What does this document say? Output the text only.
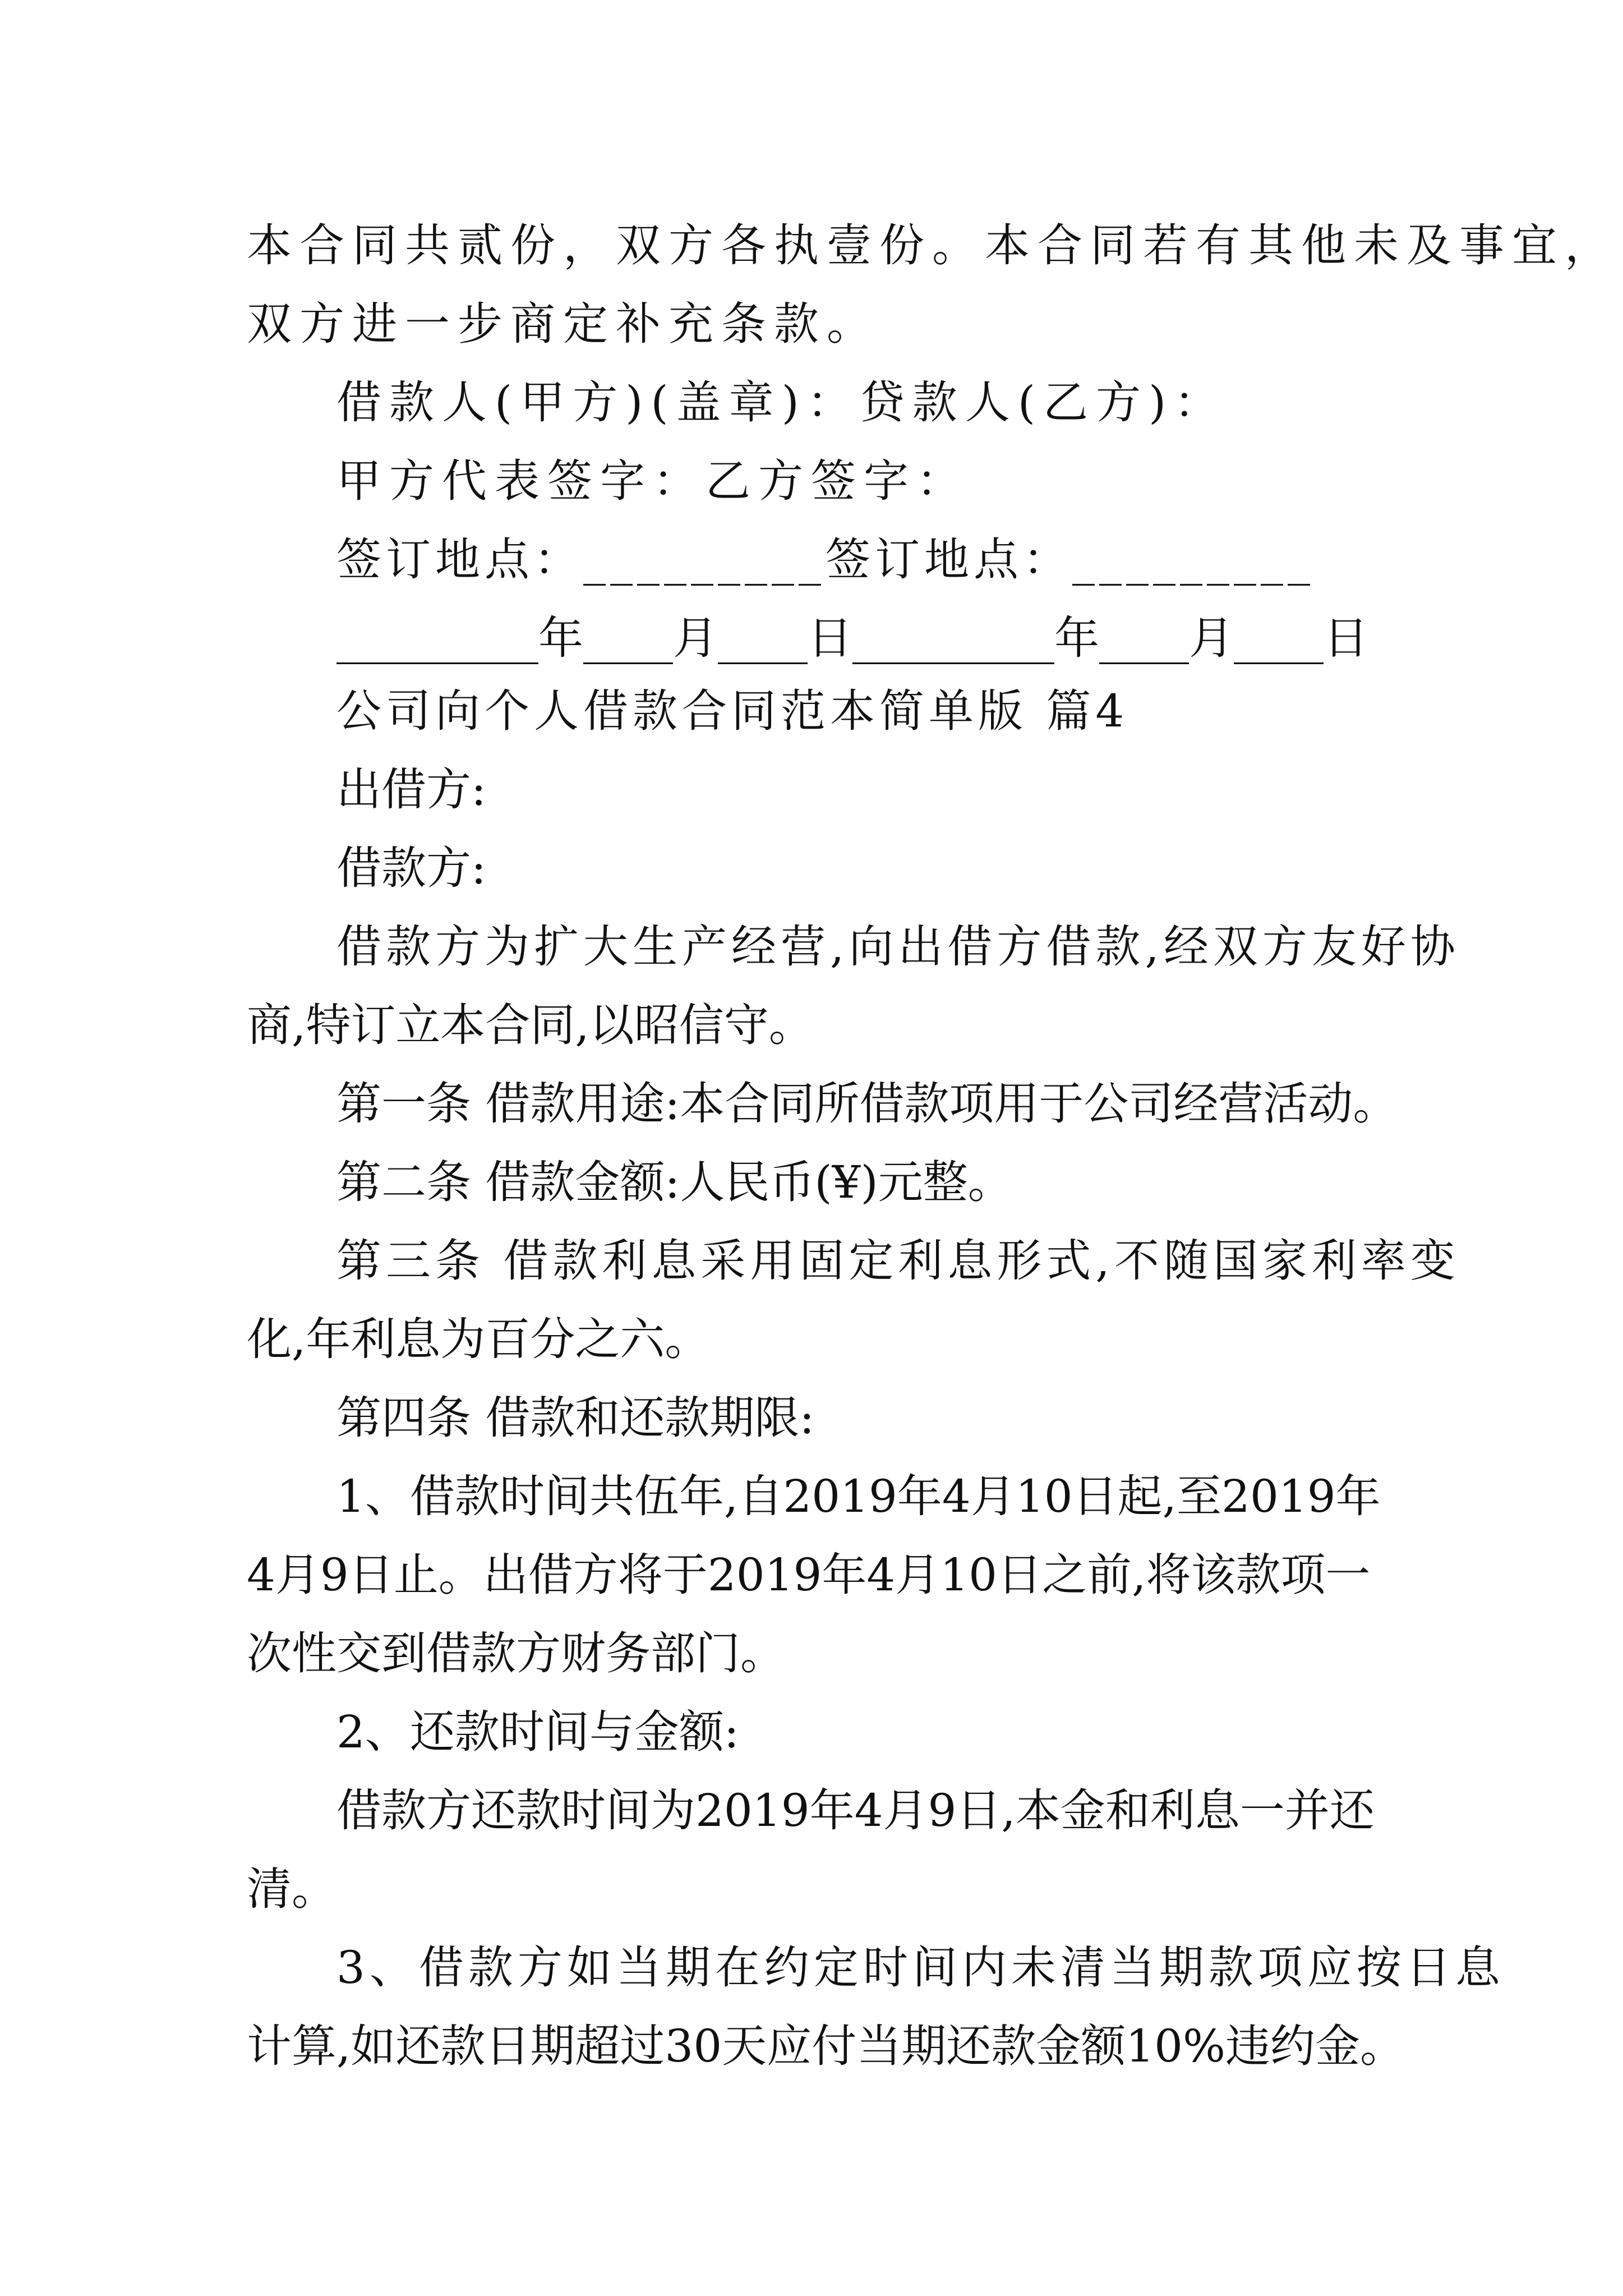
本合同共贰份，双方各执壹份。本合同若有其他未及事宜，

双方进一步商定补充条款。

借款人(甲方)(盖章)：贷款人(乙方)：

甲方代表签字：乙方签字：

签订地点：_________签订地点：_________

_________年____月____日_________年____月____日

公司向个人借款合同范本简单版 篇4

出借方:

借款方:

借款方为扩大生产经营,向出借方借款,经双方友好协

商,特订立本合同,以昭信守。

第一条 借款用途:本合同所借款项用于公司经营活动。

第二条 借款金额:人民币(¥)元整。

第三条 借款利息采用固定利息形式,不随国家利率变

化,年利息为百分之六。

第四条 借款和还款期限:

1、借款时间共伍年,自2019年4月10日起,至2019年

4月9日止。出借方将于2019年4月10日之前,将该款项一

次性交到借款方财务部门。

2、还款时间与金额:

借款方还款时间为2019年4月9日,本金和利息一并还

清。

3、借款方如当期在约定时间内未清当期款项应按日息

计算,如还款日期超过30天应付当期还款金额10%违约金。
